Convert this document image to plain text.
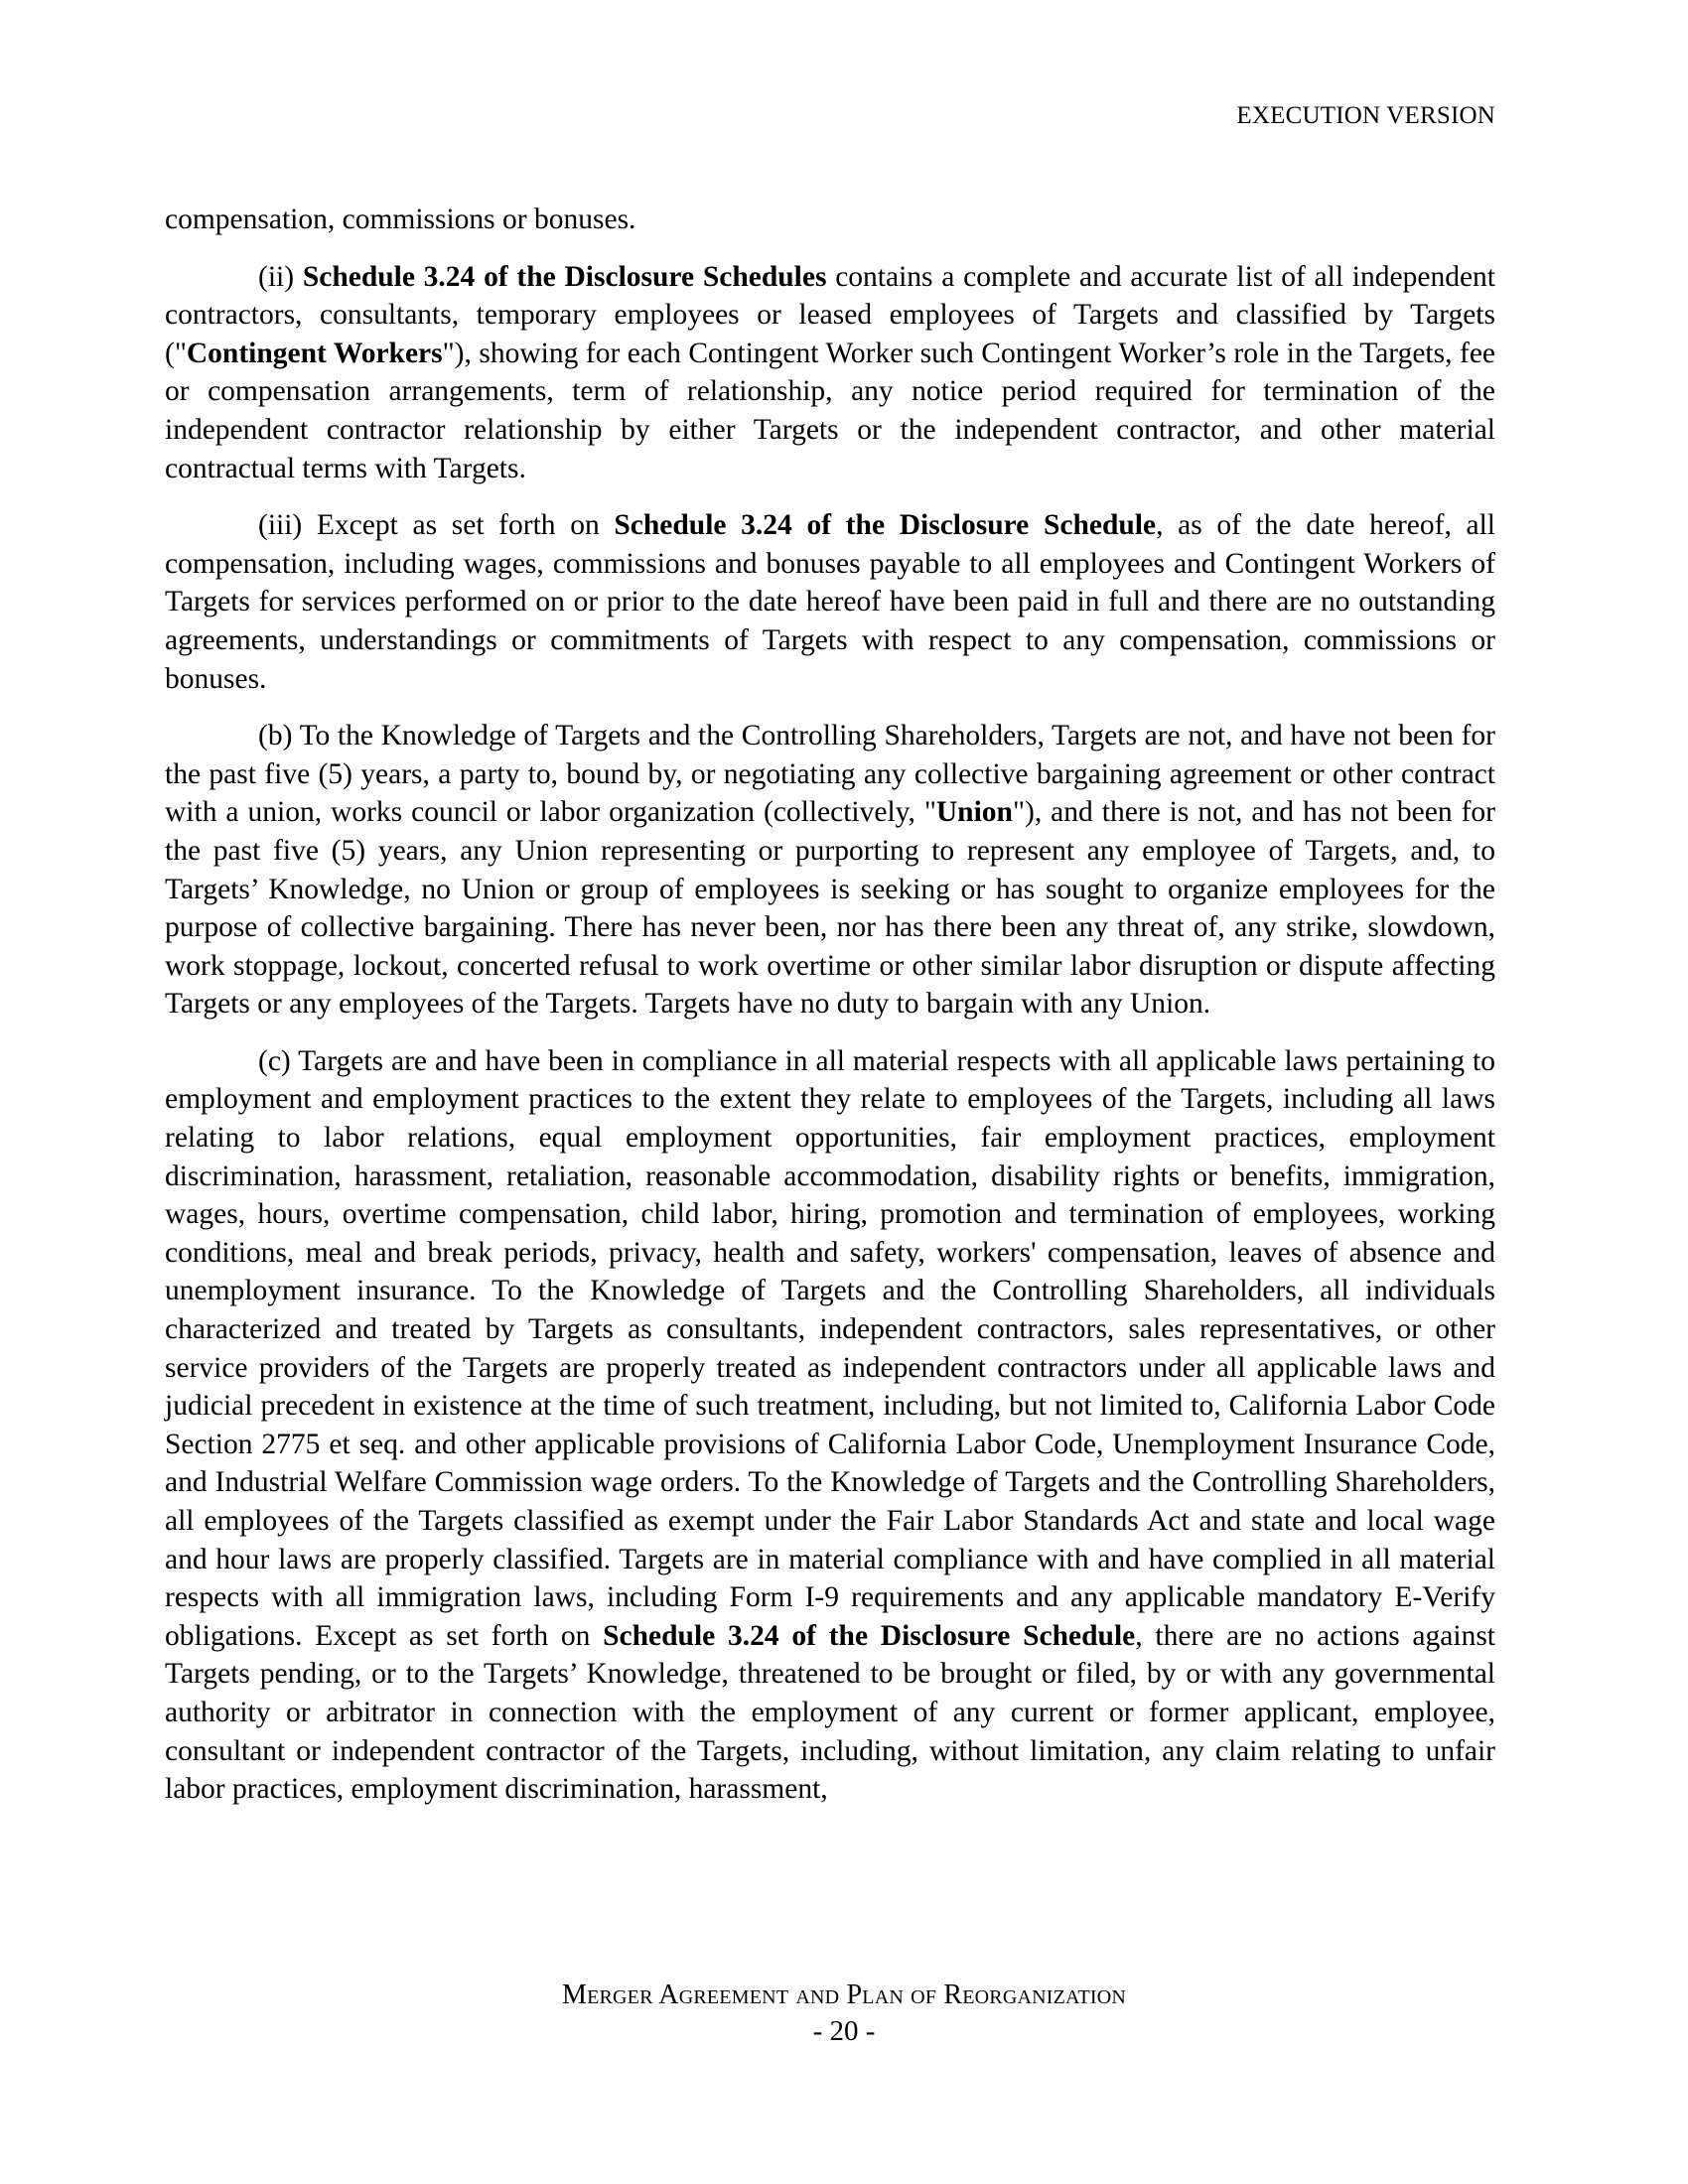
EXECUTION VERSION

compensation, commissions or bonuses.

(ii) Schedule 3.24 of the Disclosure Schedules contains a complete and accurate list of all independent contractors, consultants, temporary employees or leased employees of Targets and classified by Targets ("Contingent Workers"), showing for each Contingent Worker such Contingent Worker’s role in the Targets, fee or compensation arrangements, term of relationship, any notice period required for termination of the independent contractor relationship by either Targets or the independent contractor, and other material contractual terms with Targets.

(iii) Except as set forth on Schedule 3.24 of the Disclosure Schedule, as of the date hereof, all compensation, including wages, commissions and bonuses payable to all employees and Contingent Workers of Targets for services performed on or prior to the date hereof have been paid in full and there are no outstanding agreements, understandings or commitments of Targets with respect to any compensation, commissions or bonuses.

(b) To the Knowledge of Targets and the Controlling Shareholders, Targets are not, and have not been for the past five (5) years, a party to, bound by, or negotiating any collective bargaining agreement or other contract with a union, works council or labor organization (collectively, "Union"), and there is not, and has not been for the past five (5) years, any Union representing or purporting to represent any employee of Targets, and, to Targets’ Knowledge, no Union or group of employees is seeking or has sought to organize employees for the purpose of collective bargaining. There has never been, nor has there been any threat of, any strike, slowdown, work stoppage, lockout, concerted refusal to work overtime or other similar labor disruption or dispute affecting Targets or any employees of the Targets. Targets have no duty to bargain with any Union.

(c) Targets are and have been in compliance in all material respects with all applicable laws pertaining to employment and employment practices to the extent they relate to employees of the Targets, including all laws relating to labor relations, equal employment opportunities, fair employment practices, employment discrimination, harassment, retaliation, reasonable accommodation, disability rights or benefits, immigration, wages, hours, overtime compensation, child labor, hiring, promotion and termination of employees, working conditions, meal and break periods, privacy, health and safety, workers' compensation, leaves of absence and unemployment insurance. To the Knowledge of Targets and the Controlling Shareholders, all individuals characterized and treated by Targets as consultants, independent contractors, sales representatives, or other service providers of the Targets are properly treated as independent contractors under all applicable laws and judicial precedent in existence at the time of such treatment, including, but not limited to, California Labor Code Section 2775 et seq. and other applicable provisions of California Labor Code, Unemployment Insurance Code, and Industrial Welfare Commission wage orders. To the Knowledge of Targets and the Controlling Shareholders, all employees of the Targets classified as exempt under the Fair Labor Standards Act and state and local wage and hour laws are properly classified. Targets are in material compliance with and have complied in all material respects with all immigration laws, including Form I-9 requirements and any applicable mandatory E-Verify obligations. Except as set forth on Schedule 3.24 of the Disclosure Schedule, there are no actions against Targets pending, or to the Targets’ Knowledge, threatened to be brought or filed, by or with any governmental authority or arbitrator in connection with the employment of any current or former applicant, employee, consultant or independent contractor of the Targets, including, without limitation, any claim relating to unfair labor practices, employment discrimination, harassment,

Merger Agreement and Plan of Reorganization
- 20 -
